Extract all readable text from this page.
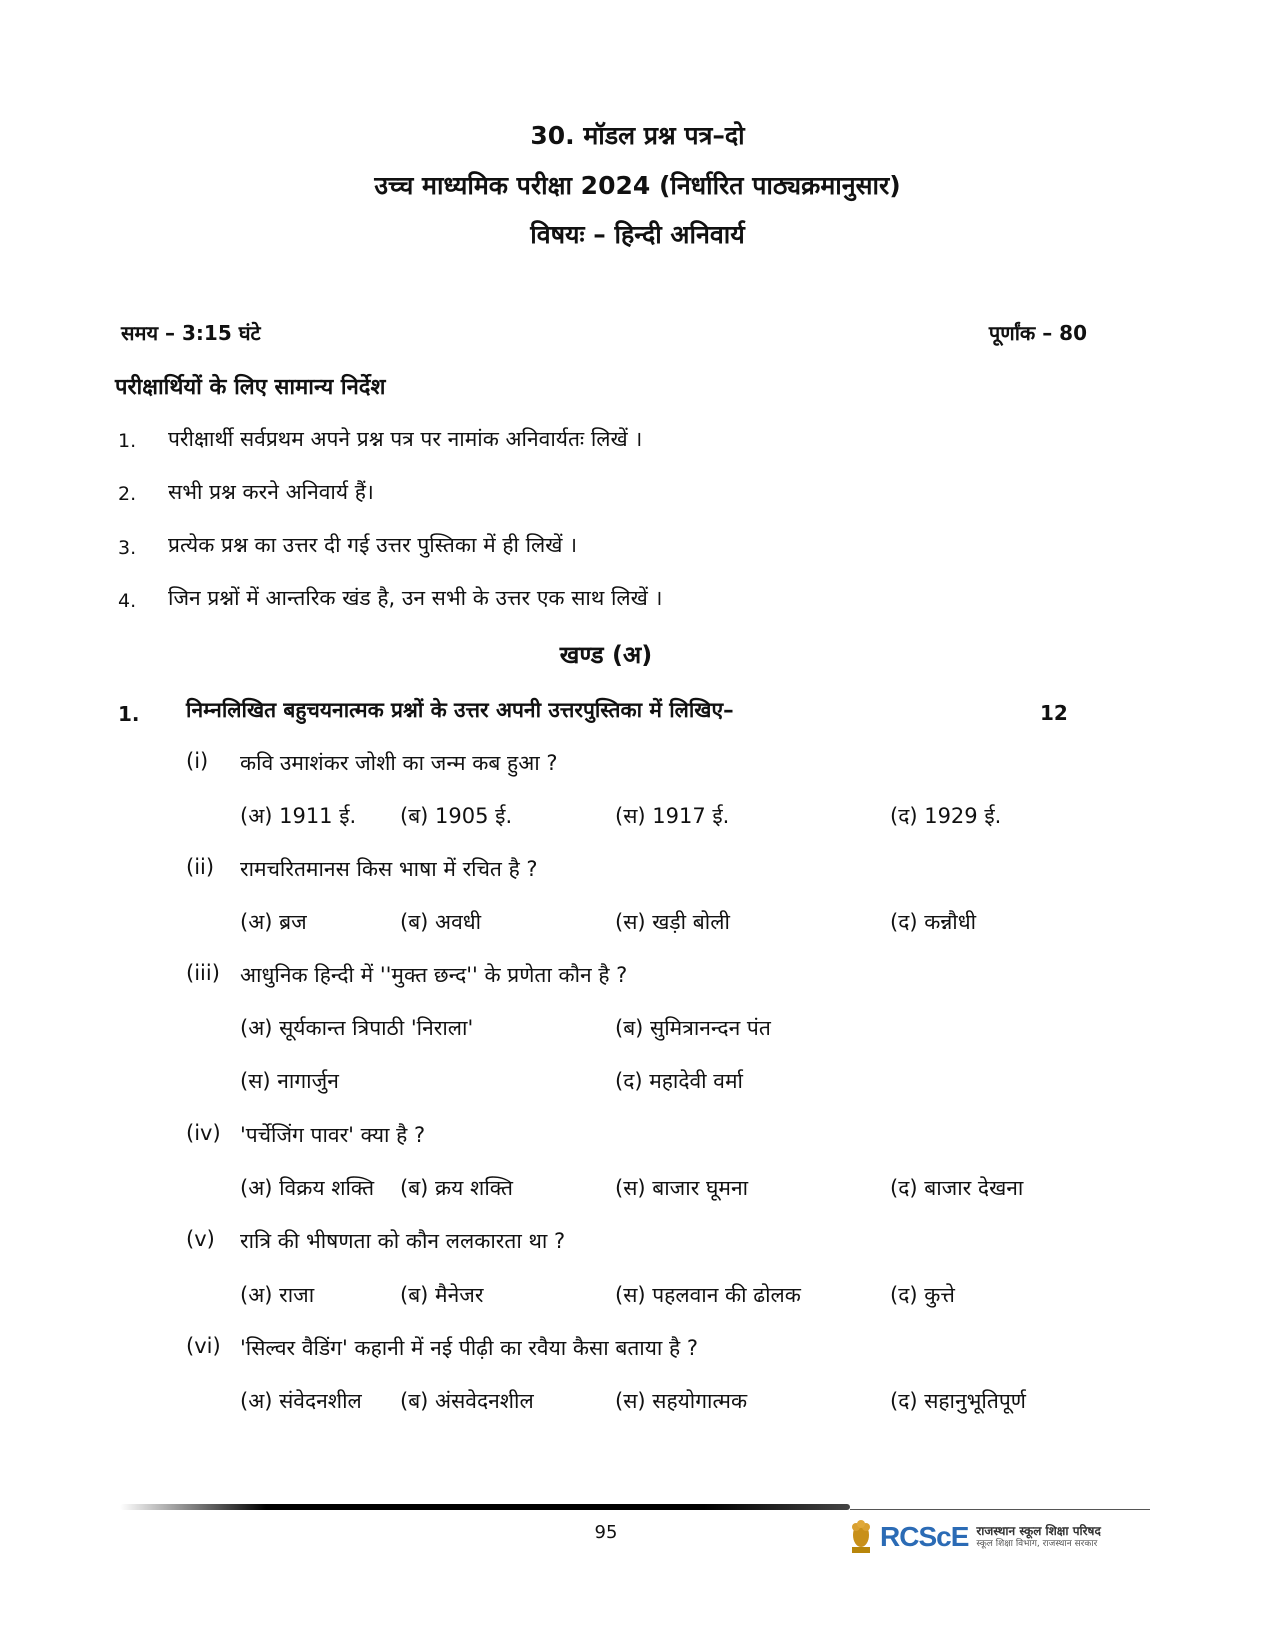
30. मॉडल प्रश्न पत्र–दो
उच्च माध्यमिक परीक्षा 2024 (निर्धारित पाठ्यक्रमानुसार)
विषयः – हिन्दी अनिवार्य
समय – 3:15 घंटे	पूर्णांक – 80
परीक्षार्थियों के लिए सामान्य निर्देश
1. परीक्षार्थी सर्वप्रथम अपने प्रश्न पत्र पर नामांक अनिवार्यतः लिखें ।
2. सभी प्रश्न करने अनिवार्य हैं।
3. प्रत्येक प्रश्न का उत्तर दी गई उत्तर पुस्तिका में ही लिखें ।
4. जिन प्रश्नों में आन्तरिक खंड है, उन सभी के उत्तर एक साथ लिखें ।
खण्ड (अ)
1. निम्नलिखित बहुचयनात्मक प्रश्नों के उत्तर अपनी उत्तरपुस्तिका में लिखिए–	12
(i) कवि उमाशंकर जोशी का जन्म कब हुआ ?
(अ) 1911 ई. (ब) 1905 ई.	(स) 1917 ई.	(द) 1929 ई.
(ii) रामचरितमानस किस भाषा में रचित है ?
(अ) ब्रज	(ब) अवधी	(स) खड़ी बोली	(द) कन्नौधी
(iii) आधुनिक हिन्दी में ''मुक्त छन्द'' के प्रणेता कौन है ?
(अ) सूर्यकान्त त्रिपाठी 'निराला'	(ब) सुमित्रानन्दन पंत
(स) नागार्जुन	(द) महादेवी वर्मा
(iv) 'पर्चेजिंग पावर' क्या है ?
(अ) विक्रय शक्ति (ब) क्रय शक्ति	(स) बाजार घूमना	(द) बाजार देखना
(v) रात्रि की भीषणता को कौन ललकारता था ?
(अ) राजा	(ब) मैनेजर	(स) पहलवान की ढोलक	(द) कुत्ते
(vi) 'सिल्वर वैडिंग' कहानी में नई पीढ़ी का रवैया कैसा बताया है ?
(अ) संवेदनशील (ब) अंसवेदनशील	(स) सहयोगात्मक	(द) सहानुभूतिपूर्ण
95	RCScE राजस्थान स्कूल शिक्षा परिषद
स्कूल शिक्षा विभाग, राजस्थान सरकार
